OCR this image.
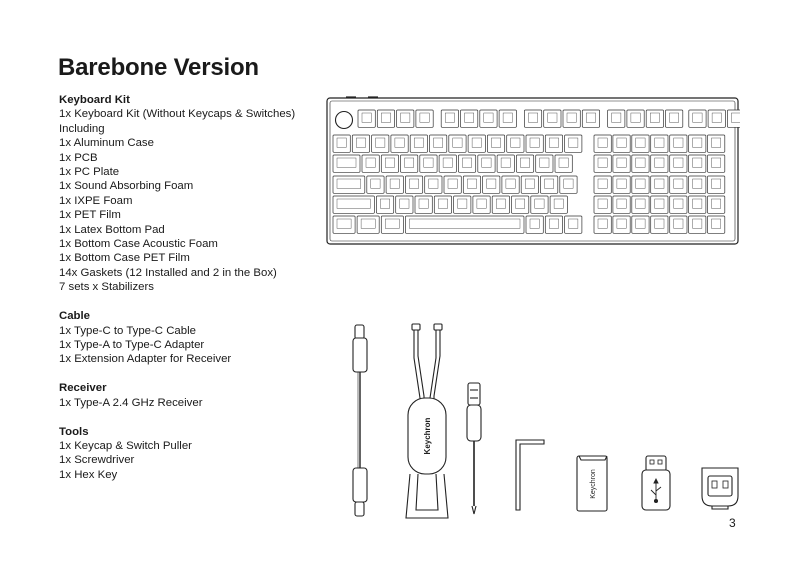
Barebone Version

Keyboard Kit

1x Keyboard Kit (Without Keycaps & Switches)

Including

1x Aluminum Case

1x PCB

1x PC Plate

1x Sound Absorbing Foam

1x IXPE Foam

1x PET Film

1x Latex Bottom Pad

1x Bottom Case Acoustic Foam

1x Bottom Case PET Film

14x Gaskets (12 Installed and 2 in the Box)

7 sets x Stabilizers

Cable

1x Type-C to Type-C Cable

1x Type-A to Type-C Adapter

1x Extension Adapter for Receiver

Receiver

1x Type-A 2.4 GHz Receiver

Tools

1x Keycap & Switch Puller

1x Screwdriver

1x Hex Key

Keychron
Keychron
3
